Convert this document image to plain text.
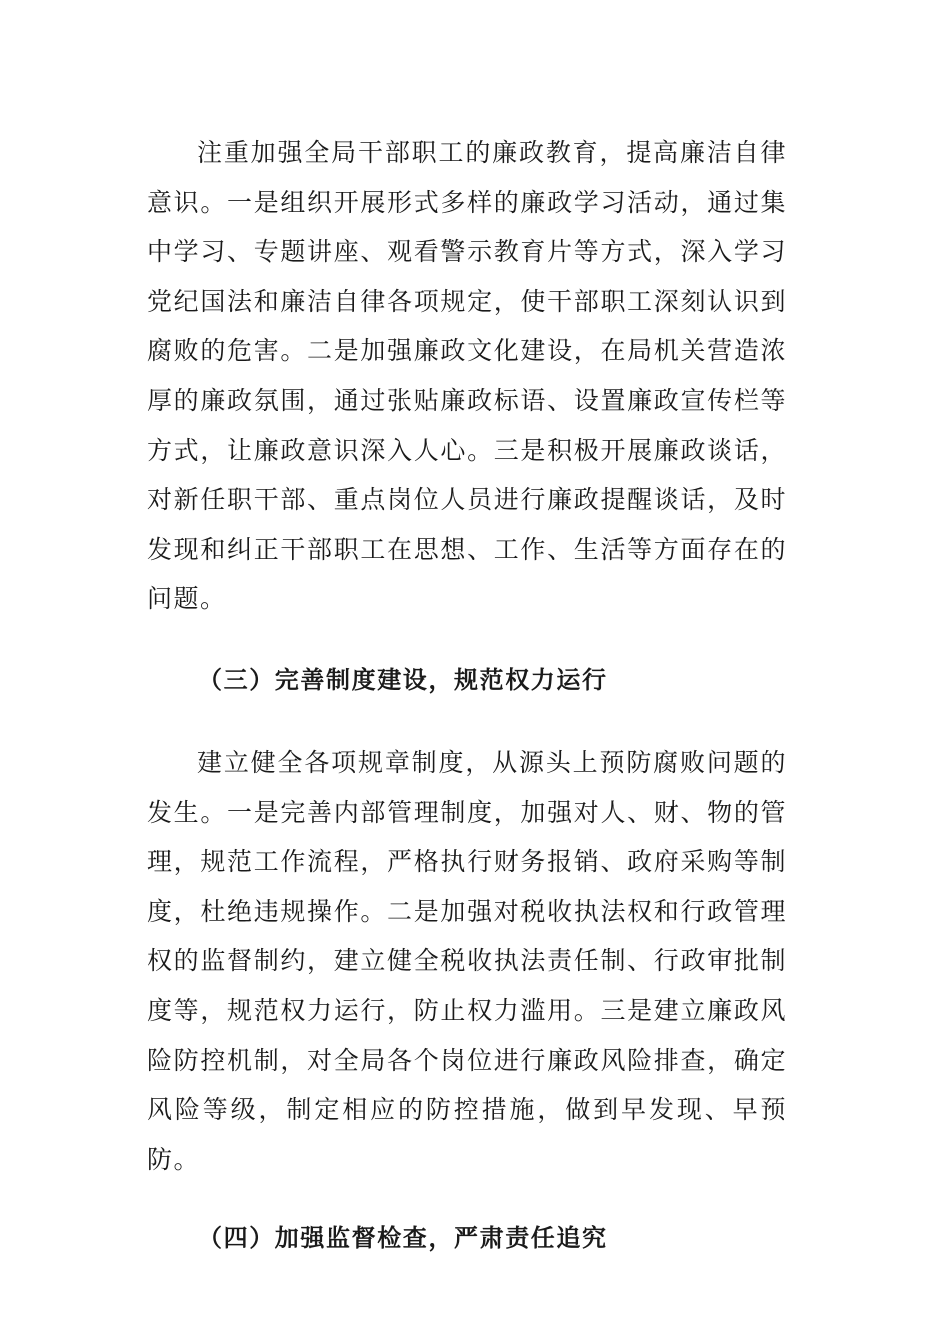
注重加强全局干部职工的廉政教育，提高廉洁自律意识。一是组织开展形式多样的廉政学习活动，通过集中学习、专题讲座、观看警示教育片等方式，深入学习党纪国法和廉洁自律各项规定，使干部职工深刻认识到腐败的危害。二是加强廉政文化建设，在局机关营造浓厚的廉政氛围，通过张贴廉政标语、设置廉政宣传栏等方式，让廉政意识深入人心。三是积极开展廉政谈话，对新任职干部、重点岗位人员进行廉政提醒谈话，及时发现和纠正干部职工在思想、工作、生活等方面存在的问题。

（三）完善制度建设，规范权力运行

建立健全各项规章制度，从源头上预防腐败问题的发生。一是完善内部管理制度，加强对人、财、物的管理，规范工作流程，严格执行财务报销、政府采购等制度，杜绝违规操作。二是加强对税收执法权和行政管理权的监督制约，建立健全税收执法责任制、行政审批制度等，规范权力运行，防止权力滥用。三是建立廉政风险防控机制，对全局各个岗位进行廉政风险排查，确定风险等级，制定相应的防控措施，做到早发现、早预防。

（四）加强监督检查，严肃责任追究
